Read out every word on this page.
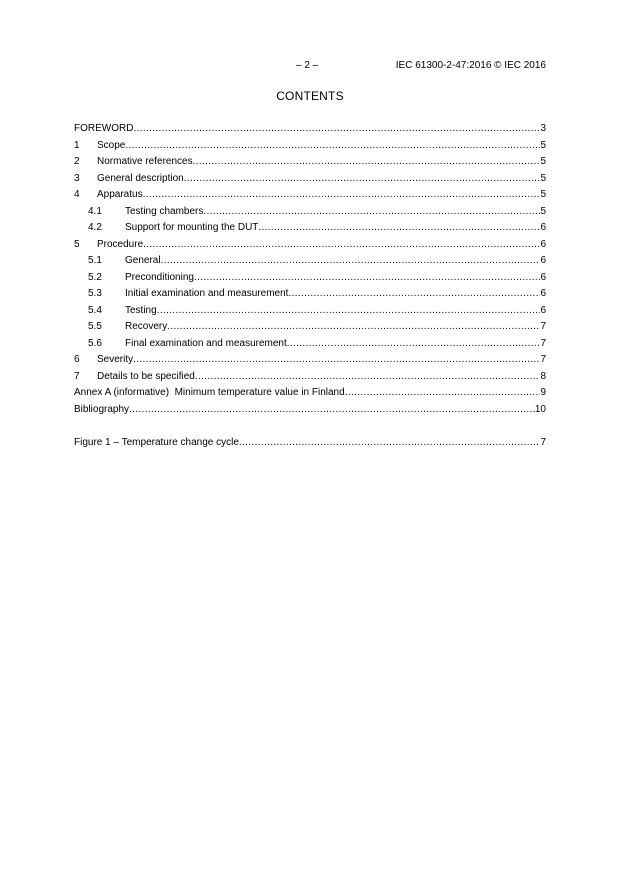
– 2 –	IEC 61300-2-47:2016 © IEC 2016
CONTENTS
FOREWORD .....	3
1	Scope .....	5
2	Normative references .....	5
3	General description .....	5
4	Apparatus .....	5
4.1	Testing chambers .....	5
4.2	Support for mounting the DUT .....	6
5	Procedure .....	6
5.1	General .....	6
5.2	Preconditioning .....	6
5.3	Initial examination and measurement .....	6
5.4	Testing .....	6
5.5	Recovery .....	7
5.6	Final examination and measurement .....	7
6	Severity .....	7
7	Details to be specified .....	8
Annex A (informative)  Minimum temperature value in Finland .....	9
Bibliography .....	10
Figure 1 – Temperature change cycle .....	7
